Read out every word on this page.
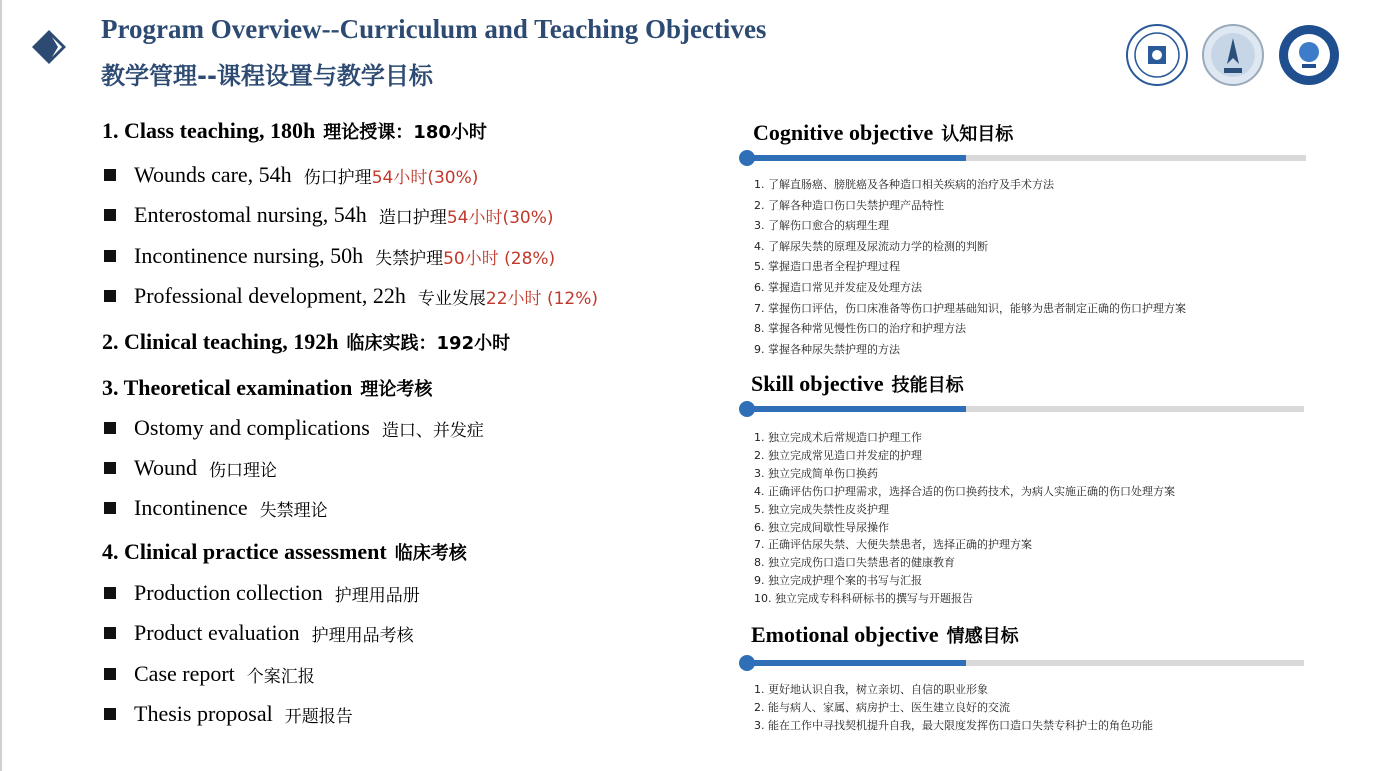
Program Overview--Curriculum and Teaching Objectives
教学管理--课程设置与教学目标
1. Class teaching, 180h 理论授课：180小时
Wounds care, 54h 伤口护理 54小时(30%)
Enterostomal nursing, 54h 造口护理 54小时(30%)
Incontinence nursing, 50h 失禁护理 50小时 (28%)
Professional development, 22h 专业发展 22小时 (12%)
2. Clinical teaching, 192h 临床实践：192小时
3. Theoretical examination 理论考核
Ostomy and complications 造口、并发症
Wound 伤口理论
Incontinence 失禁理论
4. Clinical practice assessment 临床考核
Production collection 护理用品册
Product evaluation 护理用品考核
Case report 个案汇报
Thesis proposal 开题报告
Cognitive objective 认知目标
1. 了解直肠癌、膀胱癌及各种造口相关疾病的治疗及手术方法
2. 了解各种造口伤口失禁护理产品特性
3. 了解伤口愈合的病理生理
4. 了解尿失禁的原理及尿流动力学的检测的判断
5. 掌握造口患者全程护理过程
6. 掌握造口常见并发症及处理方法
7. 掌握伤口评估，伤口床准备等伤口护理基础知识，能够为患者制定正确的伤口护理方案
8. 掌握各种常见慢性伤口的治疗和护理方法
9. 掌握各种尿失禁护理的方法
Skill objective 技能目标
1. 独立完成术后常规造口护理工作
2. 独立完成常见造口并发症的护理
3. 独立完成简单伤口换药
4. 正确评估伤口护理需求，选择合适的伤口换药技术，为病人实施正确的伤口处理方案
5. 独立完成失禁性皮炎护理
6. 独立完成间歇性导尿操作
7. 正确评估尿失禁、大便失禁患者，选择正确的护理方案
8. 独立完成伤口造口失禁患者的健康教育
9. 独立完成护理个案的书写与汇报
10. 独立完成专科科研标书的撰写与开题报告
Emotional objective 情感目标
1. 更好地认识自我，树立亲切、自信的职业形象
2. 能与病人、家属、病房护士、医生建立良好的交流
3. 能在工作中寻找契机提升自我，最大限度发挥伤口造口失禁专科护士的角色功能
